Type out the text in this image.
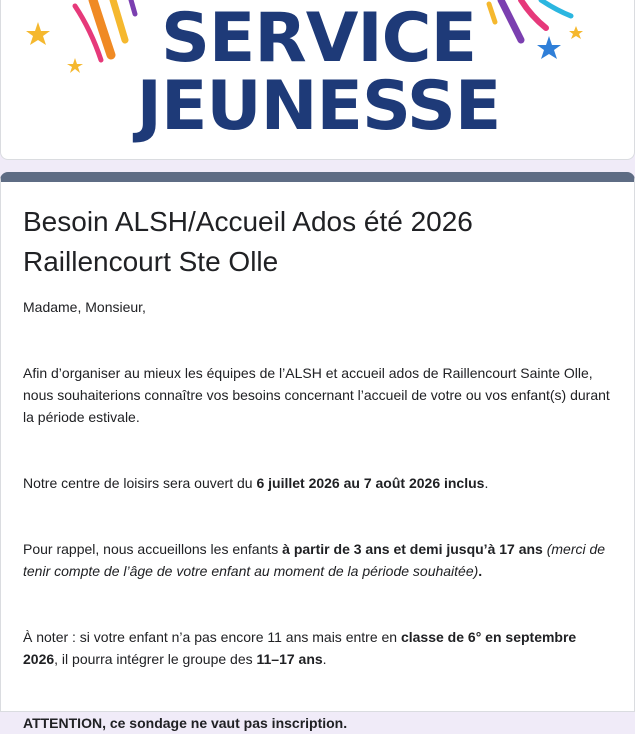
SERVICE
JEUNESSE
Besoin ALSH/Accueil Ados été 2026
Raillencourt Ste Olle

Madame, Monsieur,

Afin d’organiser au mieux les équipes de l’ALSH et accueil ados de Raillencourt Sainte Olle, nous souhaiterions connaître vos besoins concernant l’accueil de votre ou vos enfant(s) durant la période estivale.

Notre centre de loisirs sera ouvert du 6 juillet 2026 au 7 août 2026 inclus.

Pour rappel, nous accueillons les enfants à partir de 3 ans et demi jusqu’à 17 ans (merci de tenir compte de l’âge de votre enfant au moment de la période souhaitée).

À noter : si votre enfant n’a pas encore 11 ans mais entre en classe de 6° en septembre 2026, il pourra intégrer le groupe des 11–17 ans.

ATTENTION, ce sondage ne vaut pas inscription.
